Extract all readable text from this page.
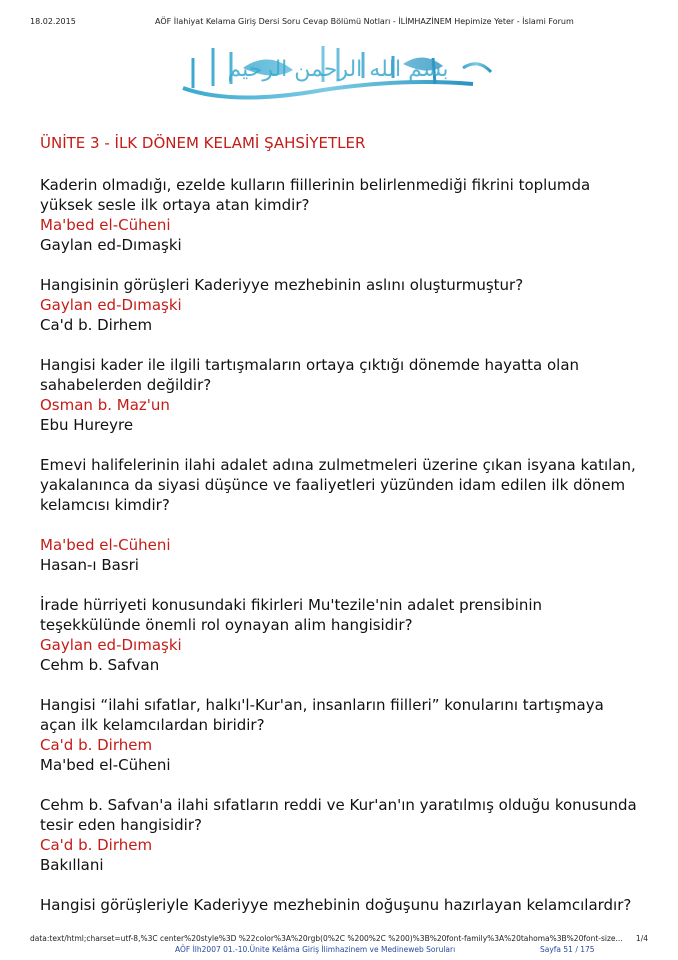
18.02.2015	AÖF İlahiyat Kelama Giriş Dersi Soru Cevap Bölümü Notları - İLİMHAZİNEM Hepimize Yeter - İslami Forum
بسم الله الرحمن الرحيم
ÜNİTE 3 - İLK DÖNEM KELAMİ ŞAHSİYETLER
Kaderin olmadığı, ezelde kulların fiillerinin belirlenmediği fikrini toplumda yüksek sesle ilk ortaya atan kimdir?
Ma'bed el-Cüheni
Gaylan ed-Dımaşki
Hangisinin görüşleri Kaderiyye mezhebinin aslını oluşturmuştur?
Gaylan ed-Dımaşki
Ca'd b. Dirhem
Hangisi kader ile ilgili tartışmaların ortaya çıktığı dönemde hayatta olan sahabelerden değildir?
Osman b. Maz'un
Ebu Hureyre
Emevi halifelerinin ilahi adalet adına zulmetmeleri üzerine çıkan isyana katılan, yakalanınca da siyasi düşünce ve faaliyetleri yüzünden idam edilen ilk dönem kelamcısı kimdir?
Ma'bed el-Cüheni
Hasan-ı Basri
İrade hürriyeti konusundaki fikirleri Mu'tezile'nin adalet prensibinin teşekkülünde önemli rol oynayan alim hangisidir?
Gaylan ed-Dımaşki
Cehm b. Safvan
Hangisi “ilahi sıfatlar, halkı'l-Kur'an, insanların fiilleri” konularını tartışmaya açan ilk kelamcılardan biridir?
Ca'd b. Dirhem
Ma'bed el-Cüheni
Cehm b. Safvan'a ilahi sıfatların reddi ve Kur'an'ın yaratılmış olduğu konusunda tesir eden hangisidir?
Ca'd b. Dirhem
Bakıllani
Hangisi görüşleriyle Kaderiyye mezhebinin doğuşunu hazırlayan kelamcılardır?
data:text/html;charset=utf-8,%3C center%20style%3D %22color%3A%20rgb(0%2C %200%2C %200)%3B%20font-family%3A%20tahoma%3B%20font-size...	1/4
AÖF İlh2007 01.-10.Ünite Kelâma Giriş İlimhazinem ve Medineweb Soruları	Sayfa 51 / 175
